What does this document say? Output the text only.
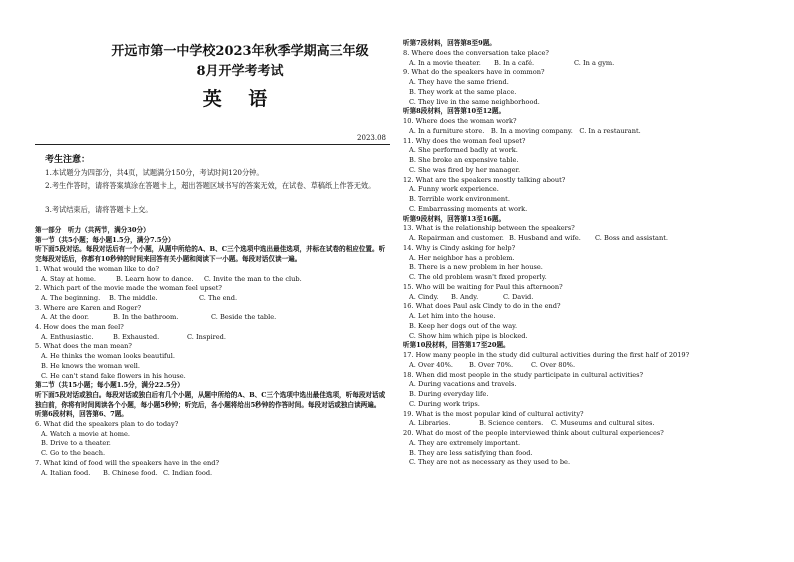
开远市第一中学校2023年秋季学期高三年级
8月开学考考试
英 语
2023.08
考生注意：
1.本试题分为四部分，共4页，试题满分150分，考试时间120分钟。
2.考生作答时，请将答案填涂在答题卡上，超出答题区域书写的答案无效，在试卷、草稿纸上作答无效。
3.考试结束后，请将答题卡上交。
第一部分　听力（共两节，满分30分）
第一节（共5小题；每小题1.5分，满分7.5分）
听下面5段对话。每段对话后有一个小题，从题中所给的A、B、C三个选项中选出最佳选项，并标在试卷的相应位置。听完每段对话后，你都有10秒钟的时间来回答有关小题和阅读下一小题。每段对话仅读一遍。
1. What would the woman like to do?
A. Stay at home.	B. Learn how to dance.	C. Invite the man to the club.
2. Which part of the movie made the woman feel upset?
A. The beginning.	B. The middle.	C. The end.
3. Where are Karen and Roger?
A. At the door.	B. In the bathroom.	C. Beside the table.
4. How does the man feel?
A. Enthusiastic.	B. Exhausted.	C. Inspired.
5. What does the man mean?
A. He thinks the woman looks beautiful.
B. He knows the woman well.
C. He can't stand fake flowers in his house.
第二节（共15小题；每小题1.5分，满分22.5分）
听下面5段对话或独白。每段对话或独白后有几个小题，从题中所给的A、B、C三个选项中选出最佳选项，听每段对话或独白前，你将有时间阅读各个小题，每小题5秒钟；听完后，各小题将给出5秒钟的作答时间。每段对话或独白读两遍。
听第6段材料，回答第6、7题。
6. What did the speakers plan to do today?
A. Watch a movie at home.
B. Drive to a theater.
C. Go to the beach.
7. What kind of food will the speakers have in the end?
A. Italian food.	B. Chinese food. C. Indian food.
听第7段材料，回答第8至9题。
8. Where does the conversation take place?
A. In a movie theater.	B. In a café.	C. In a gym.
9. What do the speakers have in common?
A. They have the same friend.
B. They work at the same place.
C. They live in the same neighborhood.
听第8段材料，回答第10至12题。
10. Where does the woman work?
A. In a furniture store.　B. In a moving company.　C. In a restaurant.
11. Why does the woman feel upset?
A. She performed badly at work.
B. She broke an expensive table.
C. She was fired by her manager.
12. What are the speakers mostly talking about?
A. Funny work experience.
B. Terrible work environment.
C. Embarrassing moments at work.
听第9段材料，回答第13至16题。
13. What is the relationship between the speakers?
A. Repairman and customer. B. Husband and wife.	C. Boss and assistant.
14. Why is Cindy asking for help?
A. Her neighbor has a problem.
B. There is a new problem in her house.
C. The old problem wasn't fixed properly.
15. Who will be waiting for Paul this afternoon?
A. Cindy.	B. Andy.	C. David.
16. What does Paul ask Cindy to do in the end?
A. Let him into the house.
B. Keep her dogs out of the way.
C. Show him which pipe is blocked.
听第10段材料，回答第17至20题。
17. How many people in the study did cultural activities during the first half of 2019?
A. Over 40%.	B. Over 70%.	C. Over 80%.
18. When did most people in the study participate in cultural activities?
A. During vacations and travels.
B. During everyday life.
C. During work trips.
19. What is the most popular kind of cultural activity?
A. Libraries.	B. Science centers.	C. Museums and cultural sites.
20. What do most of the people interviewed think about cultural experiences?
A. They are extremely important.
B. They are less satisfying than food.
C. They are not as necessary as they used to be.
